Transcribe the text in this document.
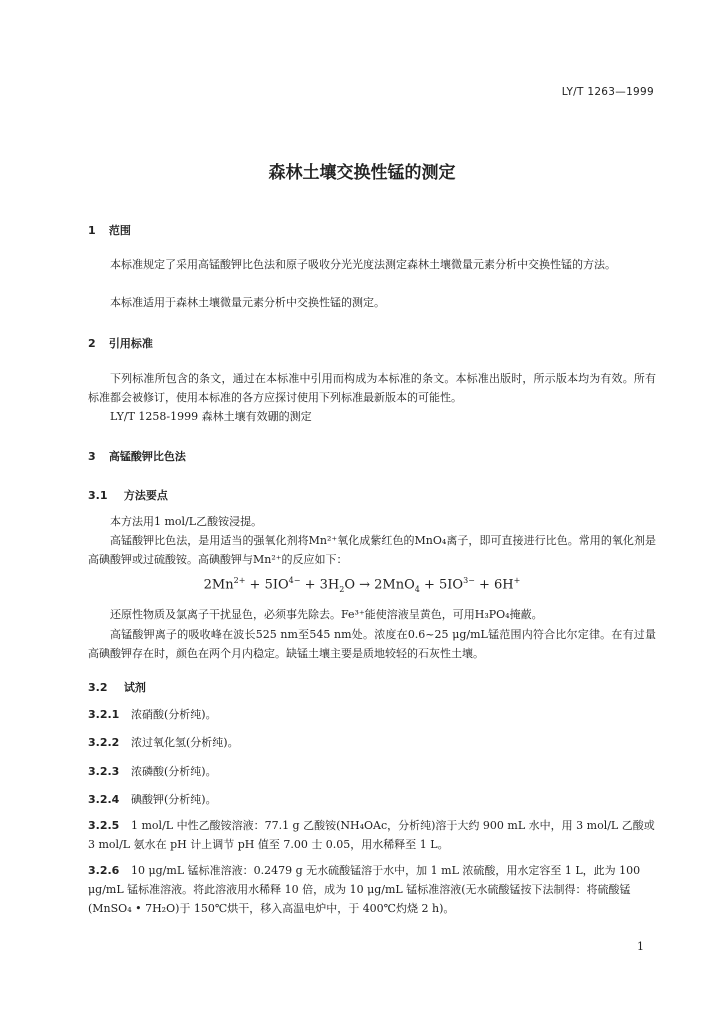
LY/T 1263—1999
森林土壤交换性锰的测定
1 范围
本标准规定了采用高锰酸钾比色法和原子吸收分光光度法测定森林土壤微量元素分析中交换性锰的方法。
本标准适用于森林土壤微量元素分析中交换性锰的测定。
2 引用标准
下列标准所包含的条文，通过在本标准中引用而构成为本标准的条文。本标准出版时，所示版本均为有效。所有标准都会被修订，使用本标准的各方应探讨使用下列标准最新版本的可能性。
LY/T 1258-1999 森林土壤有效硼的测定
3 高锰酸钾比色法
3.1 方法要点
本方法用1 mol/L乙酸铵浸提。
高锰酸钾比色法，是用适当的强氧化剂将Mn²⁺氧化成紫红色的MnO₄离子，即可直接进行比色。常用的氧化剂是高碘酸钾或过硫酸铵。高碘酸钾与Mn²⁺的反应如下：
$2Mn^{2+} + 5IO^{4-} + 3H_2O \to 2MnO_4 + 5IO^{3-} + 6H^+$
还原性物质及氯离子干扰显色，必须事先除去。Fe³⁺能使溶液呈黄色，可用H₃PO₄掩蔽。
高锰酸钾离子的吸收峰在波长525 nm至545 nm处。浓度在0.6~25 μg/mL锰范围内符合比尔定律。在有过量高碘酸钾存在时，颜色在两个月内稳定。缺锰土壤主要是质地较轻的石灰性土壤。
3.2 试剂
3.2.1 浓硝酸(分析纯)。
3.2.2 浓过氧化氢(分析纯)。
3.2.3 浓磷酸(分析纯)。
3.2.4 碘酸钾(分析纯)。
3.2.5 1 mol/L 中性乙酸铵溶液：77.1 g 乙酸铵(NH₄OAc，分析纯)溶于大约 900 mL 水中，用 3 mol/L 乙酸或 3 mol/L 氨水在 pH 计上调节 pH 值至 7.00 士 0.05，用水稀释至 1 L。
3.2.6 10 μg/mL 锰标准溶液：0.2479 g 无水硫酸锰溶于水中，加 1 mL 浓硫酸，用水定容至 1 L，此为 100 μg/mL 锰标准溶液。将此溶液用水稀释 10 倍，成为 10 μg/mL 锰标准溶液(无水硫酸锰按下法制得：将硫酸锰(MnSO₄ • 7H₂O)于 150℃烘干，移入高温电炉中，于 400℃灼烧 2 h)。
1
